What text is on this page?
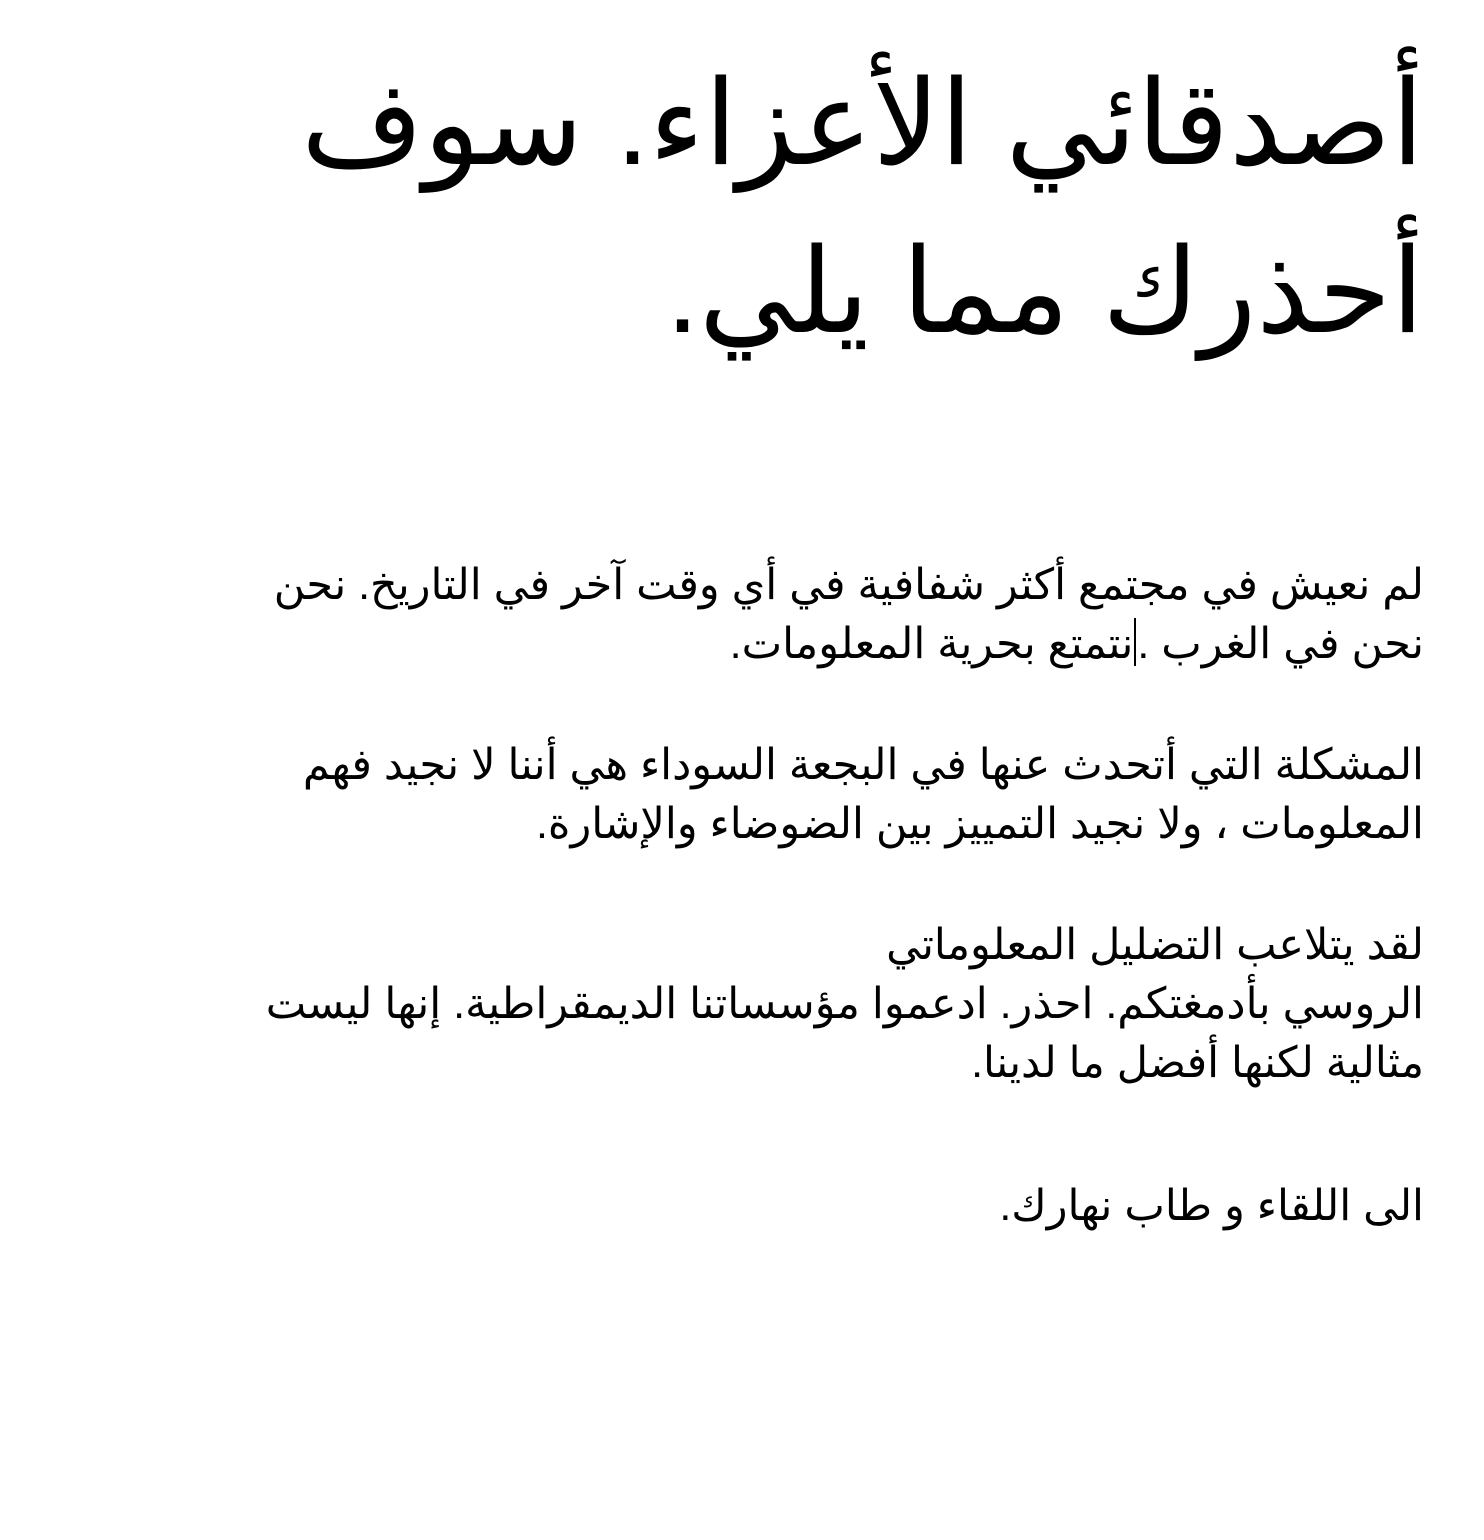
أصدقائي الأعزاء. سوف
أحذرك مما يلي.

لم نعيش في مجتمع أكثر شفافية في أي وقت آخر في التاريخ. نحن
نحن في الغرب .نتمتع بحرية المعلومات.

المشكلة التي أتحدث عنها في البجعة السوداء هي أننا لا نجيد فهم
المعلومات ، ولا نجيد التمييز بين الضوضاء والإشارة.

لقد يتلاعب التضليل المعلوماتي
الروسي بأدمغتكم. احذر. ادعموا مؤسساتنا الديمقراطية. إنها ليست
مثالية لكنها أفضل ما لدينا.

الى اللقاء و طاب نهارك.
